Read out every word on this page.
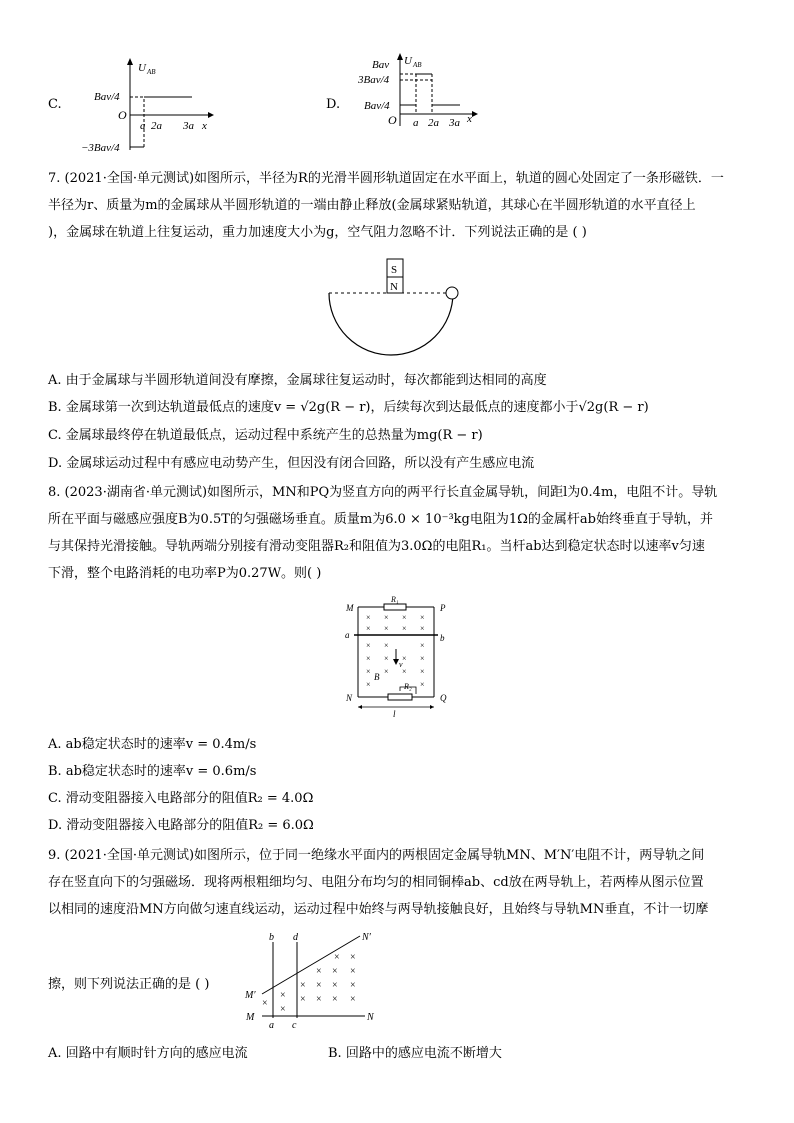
C.
U AB
Bav/4
O
a 2a 3a x
−3Bav/4
D.
U AB
Bav
3Bav/4
Bav/4
O a 2a 3a x
7. (2021·全国·单元测试)如图所示，半径为R的光滑半圆形轨道固定在水平面上，轨道的圆心处固定了一条形磁铁．一
半径为r、质量为m的金属球从半圆形轨道的一端由静止释放(金属球紧贴轨道，其球心在半圆形轨道的水平直径上
)，金属球在轨道上往复运动，重力加速度大小为g，空气阻力忽略不计．下列说法正确的是 ( )
S
N
A. 由于金属球与半圆形轨道间没有摩擦，金属球往复运动时，每次都能到达相同的高度
B. 金属球第一次到达轨道最低点的速度v = √2g(R − r)，后续每次到达最低点的速度都小于√2g(R − r)
C. 金属球最终停在轨道最低点，运动过程中系统产生的总热量为mg(R − r)
D. 金属球运动过程中有感应电动势产生，但因没有闭合回路，所以没有产生感应电流
8. (2023·湖南省·单元测试)如图所示，MN和PQ为竖直方向的两平行长直金属导轨，间距l为0.4m，电阻不计。导轨
所在平面与磁感应强度B为0.5T的匀强磁场垂直。质量m为6.0 × 10⁻³kg电阻为1Ω的金属杆ab始终垂直于导轨，并
与其保持光滑接触。导轨两端分别接有滑动变阻器R₂和阻值为3.0Ω的电阻R₁。当杆ab达到稳定状态时以速率v匀速
下滑，整个电路消耗的电功率P为0.27W。则( )
M	P
N	Q
a	b
R₁
R₂
B
v
l
× × × ×
× × × ×
× ×	×
× × × ×
× × × ×
×	×
A. ab稳定状态时的速率v = 0.4m/s
B. ab稳定状态时的速率v = 0.6m/s
C. 滑动变阻器接入电路部分的阻值R₂ = 4.0Ω
D. 滑动变阻器接入电路部分的阻值R₂ = 6.0Ω
9. (2021·全国·单元测试)如图所示，位于同一绝缘水平面内的两根固定金属导轨MN、M′N′电阻不计，两导轨之间
存在竖直向下的匀强磁场．现将两根粗细均匀、电阻分布均匀的相同铜棒ab、cd放在两导轨上，若两棒从图示位置
以相同的速度沿MN方向做匀速直线运动，运动过程中始终与两导轨接触良好，且始终与导轨MN垂直，不计一切摩
b d	N′
M′
M	N
a c
× ×
× × ×
× × × ×
×
× × × × ×
×
擦，则下列说法正确的是 ( )
A. 回路中有顺时针方向的感应电流	B. 回路中的感应电流不断增大
